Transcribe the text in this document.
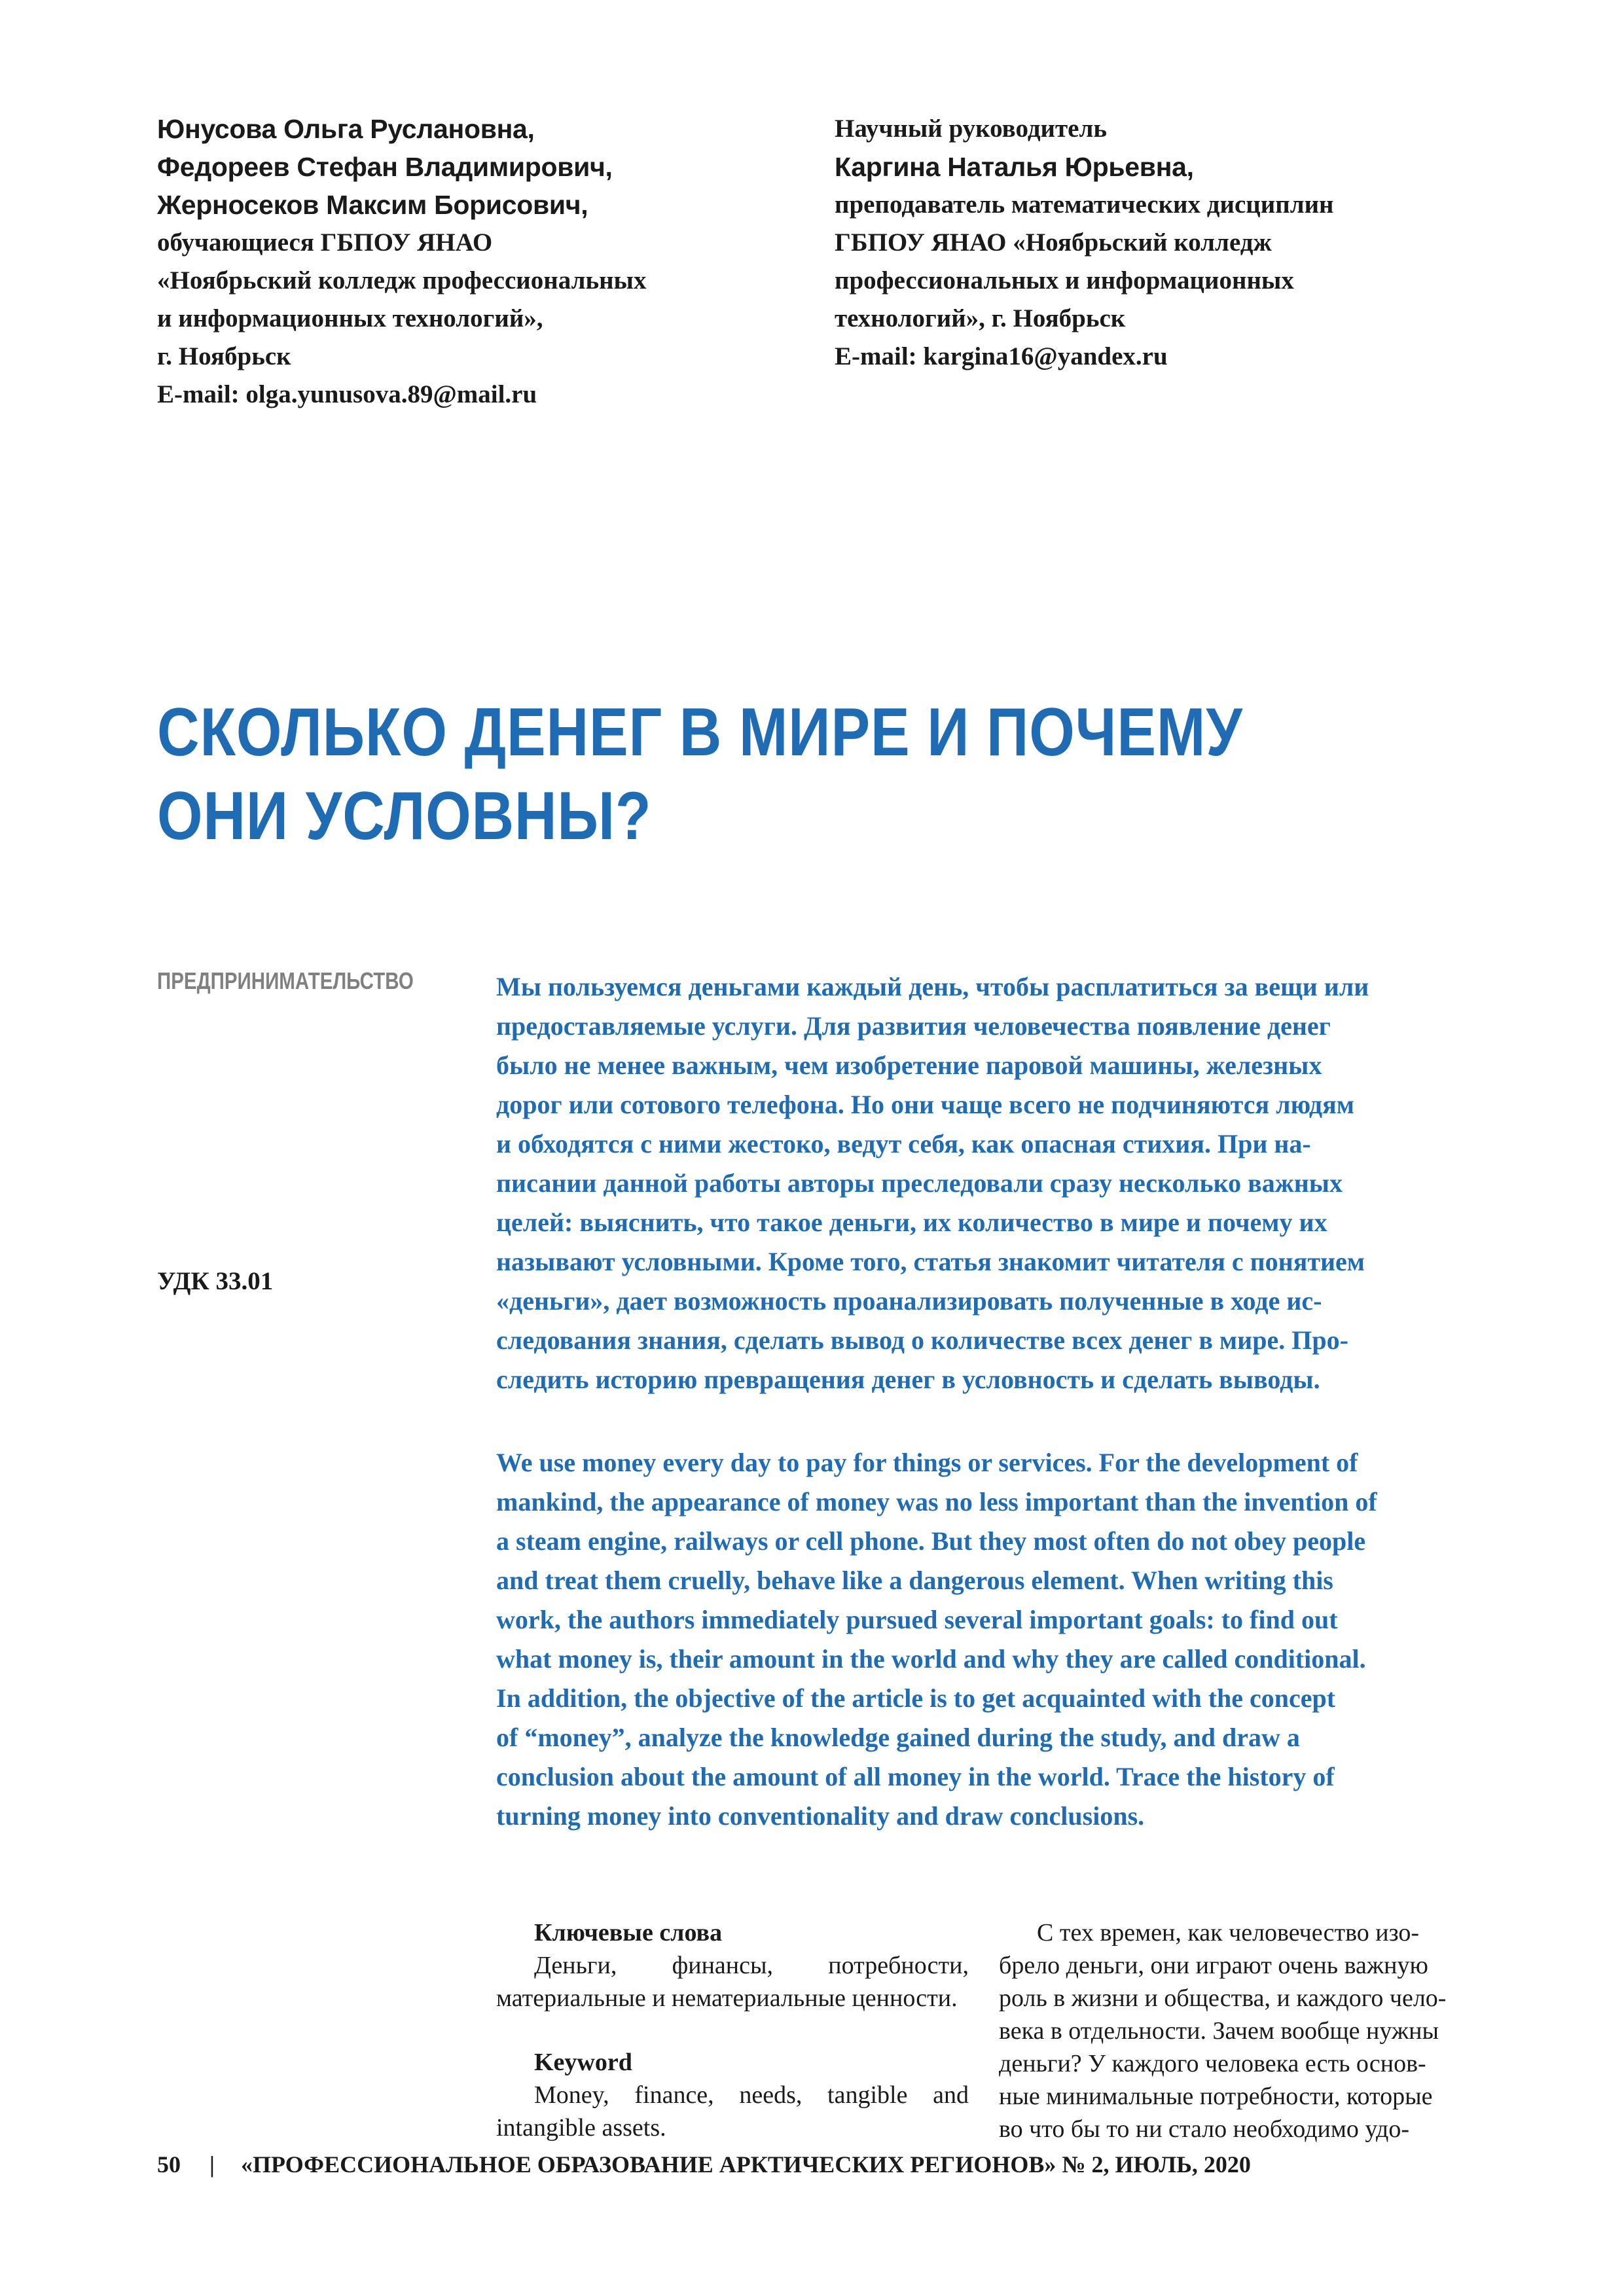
Юнусова Ольга Руслановна,
Федореев Стефан Владимирович,
Жерносеков Максим Борисович,
обучающиеся ГБПОУ ЯНАО
«Ноябрьский колледж профессиональных
и информационных технологий»,
г. Ноябрьск
E-mail: olga.yunusova.89@mail.ru
Научный руководитель
Каргина Наталья Юрьевна,
преподаватель математических дисциплин
ГБПОУ ЯНАО «Ноябрьский колледж
профессиональных и информационных
технологий», г. Ноябрьск
E-mail: kargina16@yandex.ru
СКОЛЬКО ДЕНЕГ В МИРЕ И ПОЧЕМУ
ОНИ УСЛОВНЫ?
ПРЕДПРИНИМАТЕЛЬСТВО
УДК 33.01
Мы пользуемся деньгами каждый день, чтобы расплатиться за вещи или
предоставляемые услуги. Для развития человечества появление денег
было не менее важным, чем изобретение паровой машины, железных
дорог или сотового телефона. Но они чаще всего не подчиняются людям
и обходятся с ними жестоко, ведут себя, как опасная стихия. При на-
писании данной работы авторы преследовали сразу несколько важных
целей: выяснить, что такое деньги, их количество в мире и почему их
называют условными. Кроме того, статья знакомит читателя с понятием
«деньги», дает возможность проанализировать полученные в ходе ис-
следования знания, сделать вывод о количестве всех денег в мире. Про-
следить историю превращения денег в условность и сделать выводы.
We use money every day to pay for things or services. For the development of
mankind, the appearance of money was no less important than the invention of
a steam engine, railways or cell phone. But they most often do not obey people
and treat them cruelly, behave like a dangerous element. When writing this
work, the authors immediately pursued several important goals: to find out
what money is, their amount in the world and why they are called conditional.
In addition, the objective of the article is to get acquainted with the concept
of “money”, analyze the knowledge gained during the study, and draw a
conclusion about the amount of all money in the world. Trace the history of
turning money into conventionality and draw conclusions.
Ключевые слова
Деньги, финансы, потребности, материальные и нематериальные ценности.
Keyword
Money, finance, needs, tangible and intangible assets.
С тех времен, как человечество изо-
брело деньги, они играют очень важную
роль в жизни и общества, и каждого чело-
века в отдельности. Зачем вообще нужны
деньги? У каждого человека есть основ-
ные минимальные потребности, которые
во что бы то ни стало необходимо удо-
50 | «ПРОФЕССИОНАЛЬНОЕ ОБРАЗОВАНИЕ АРКТИЧЕСКИХ РЕГИОНОВ» № 2, ИЮЛЬ, 2020
